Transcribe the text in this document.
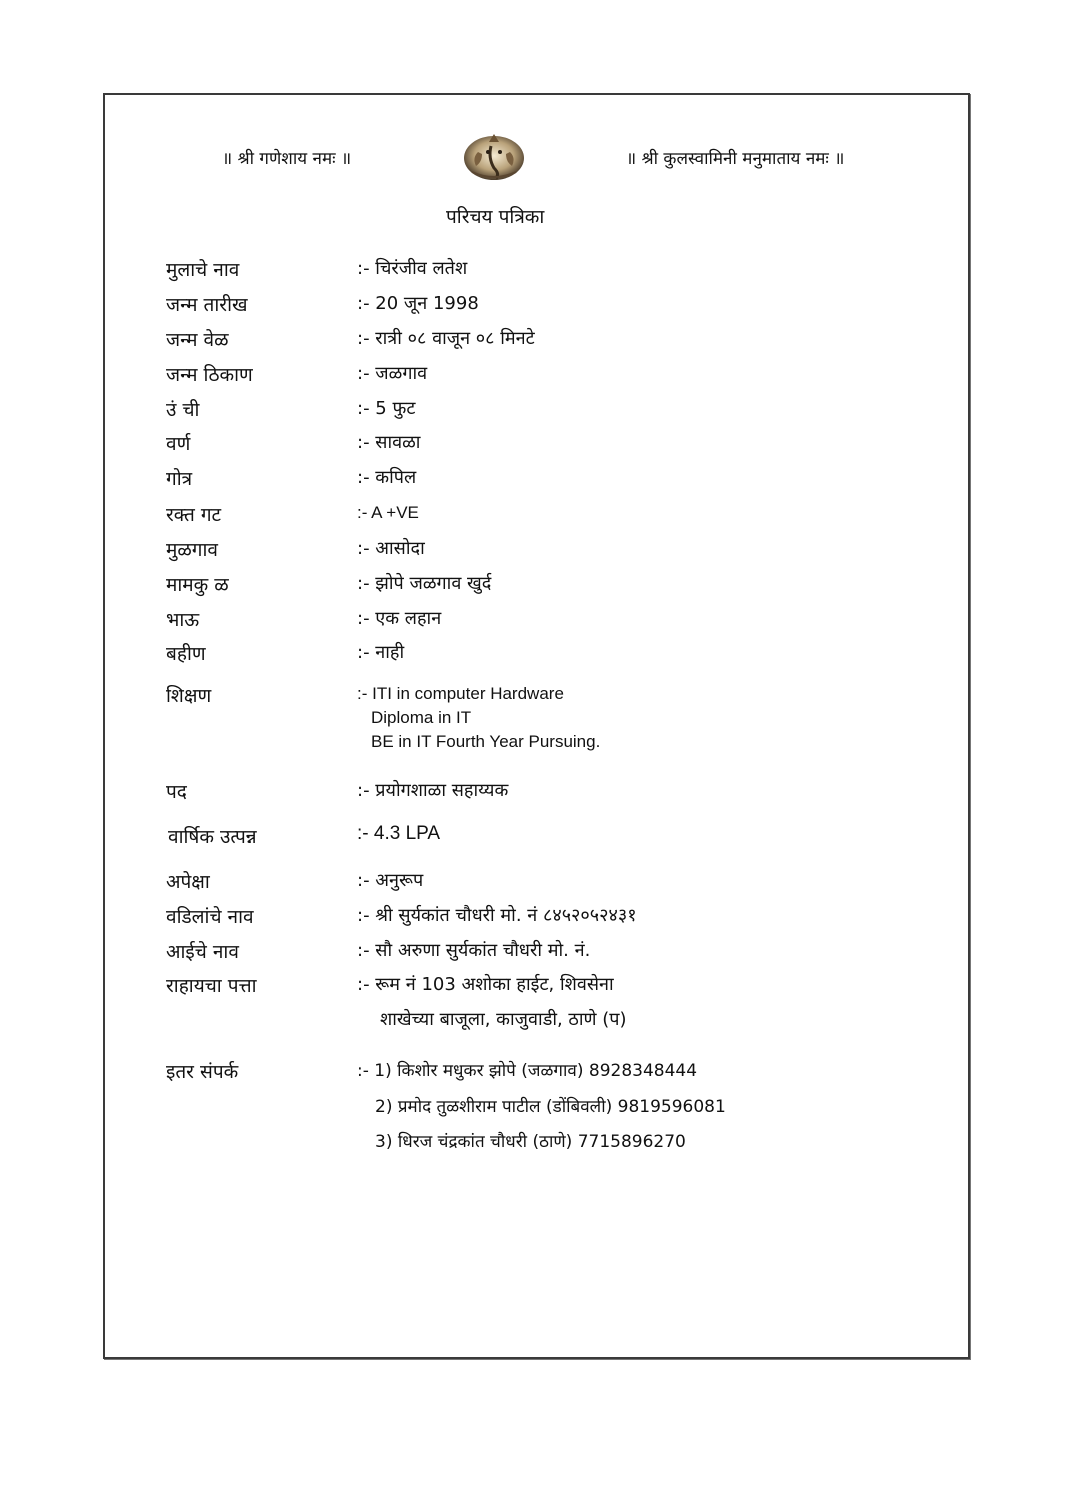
॥ श्री गणेशाय नमः ॥	॥ श्री कुलस्वामिनी मनुमाताय नमः ॥
परिचय पत्रिका
मुलाचे नाव	:- चिरंजीव लतेश
जन्म तारीख	:- 20 जून 1998
जन्म वेळ	:- रात्री ०८ वाजून ०८ मिनटे
जन्म ठिकाण	:- जळगाव
उं ची	:- 5 फुट
वर्ण	:- सावळा
गोत्र	:- कपिल
रक्त गट	:- A +VE
मुळगाव	:- आसोदा
मामकु ळ	:- झोपे जळगाव खुर्द
भाऊ	:- एक लहान
बहीण	:- नाही
शिक्षण	:- ITI in computer Hardware
Diploma in IT
BE in IT Fourth Year Pursuing.
पद	:- प्रयोगशाळा सहाय्यक
वार्षिक उत्पन्न	:- 4.3 LPA
अपेक्षा	:- अनुरूप
वडिलांचे नाव	:- श्री सुर्यकांत चौधरी मो. नं ८४५२०५२४३१
आईचे नाव	:- सौ अरुणा सुर्यकांत चौधरी मो. नं.
राहायचा पत्ता	:- रूम नं 103 अशोका हाईट, शिवसेना
शाखेच्या बाजूला, काजुवाडी, ठाणे (प)
इतर संपर्क	:- 1) किशोर मधुकर झोपे (जळगाव) 8928348444
2) प्रमोद तुळशीराम पाटील (डोंबिवली) 9819596081
3) धिरज चंद्रकांत चौधरी (ठाणे) 7715896270
